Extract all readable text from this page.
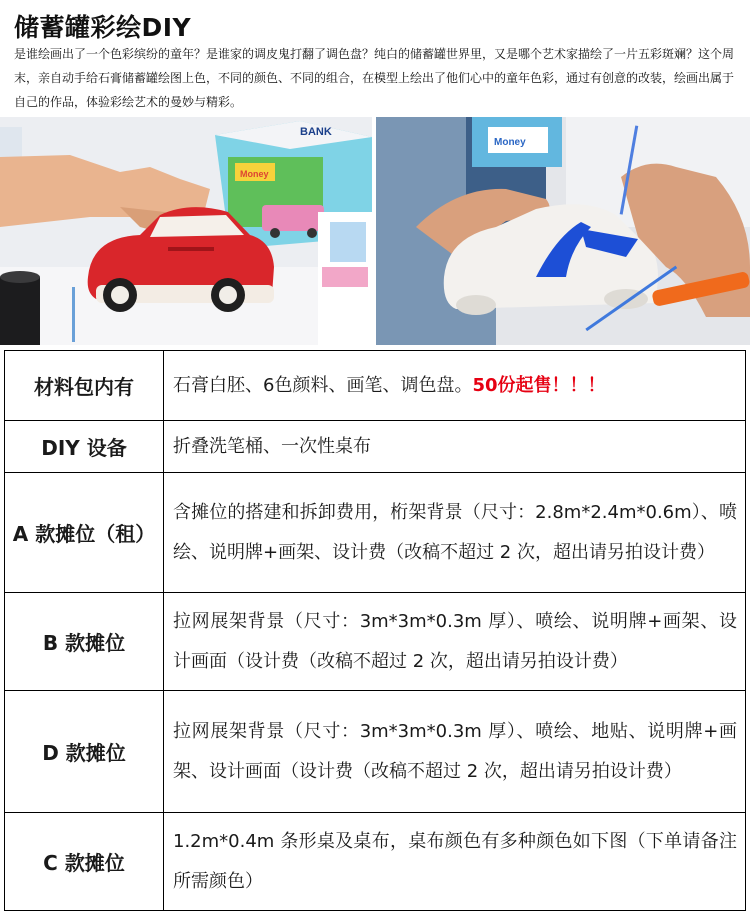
储蓄罐彩绘DIY
是谁绘画出了一个色彩缤纷的童年？是谁家的调皮鬼打翻了调色盘？纯白的储蓄罐世界里，又是哪个艺术家描绘了一片五彩斑斓？这个周末，亲自动手给石膏储蓄罐绘图上色，不同的颜色、不同的组合，在模型上绘出了他们心中的童年色彩，通过有创意的改装，绘画出属于自己的作品，体验彩绘艺术的曼妙与精彩。
BANK
Money
Money
材料包内有	石膏白胚、6色颜料、画笔、调色盘。50份起售！！！
DIY 设备	折叠洗笔桶、一次性桌布
A 款摊位（租）	含摊位的搭建和拆卸费用，桁架背景（尺寸：2.8m*2.4m*0.6m）、喷绘、说明牌+画架、设计费（改稿不超过 2 次，超出请另拍设计费）
B 款摊位	拉网展架背景（尺寸：3m*3m*0.3m 厚）、喷绘、说明牌+画架、设计画面（设计费（改稿不超过 2 次，超出请另拍设计费）
D 款摊位	拉网展架背景（尺寸：3m*3m*0.3m 厚）、喷绘、地贴、说明牌+画架、设计画面（设计费（改稿不超过 2 次，超出请另拍设计费）
C 款摊位	1.2m*0.4m 条形桌及桌布，桌布颜色有多种颜色如下图（下单请备注所需颜色）
